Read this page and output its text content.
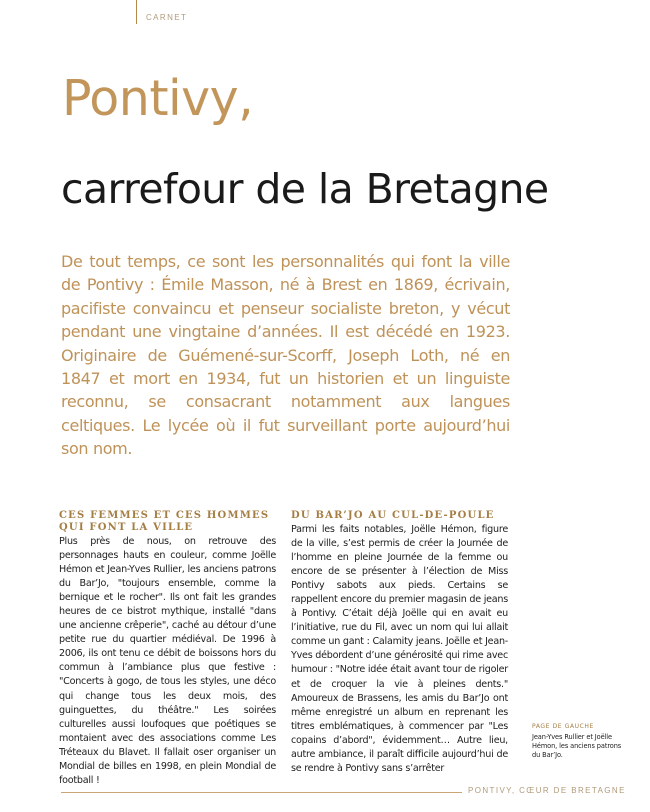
CARNET
Pontivy,
carrefour de la Bretagne

De tout temps, ce sont les personnalités qui font la ville de Pontivy : Émile Masson, né à Brest en 1869, écrivain, pacifiste convaincu et penseur socialiste breton, y vécut pendant une vingtaine d’années. Il est décédé en 1923. Originaire de Guémené-sur-Scorff, Joseph Loth, né en 1847 et mort en 1934, fut un historien et un linguiste reconnu, se consacrant notamment aux langues celtiques. Le lycée où il fut surveillant porte aujourd’hui son nom.

CES FEMMES ET CES HOMMES QUI FONT LA VILLE

Plus près de nous, on retrouve des personnages hauts en couleur, comme Joëlle Hémon et Jean-Yves Rullier, les anciens patrons du Bar’Jo, "toujours ensemble, comme la bernique et le rocher". Ils ont fait les grandes heures de ce bistrot mythique, installé "dans une ancienne crêperie", caché au détour d’une petite rue du quartier médiéval. De 1996 à 2006, ils ont tenu ce débit de boissons hors du commun à l’ambiance plus que festive : "Concerts à gogo, de tous les styles, une déco qui change tous les deux mois, des guinguettes, du théâtre." Les soirées culturelles aussi loufoques que poétiques se montaient avec des associations comme Les Tréteaux du Blavet. Il fallait oser organiser un Mondial de billes en 1998, en plein Mondial de football !

DU BAR’JO AU CUL-DE-POULE

Parmi les faits notables, Joëlle Hémon, figure de la ville, s’est permis de créer la Journée de l’homme en pleine Journée de la femme ou encore de se présenter à l’élection de Miss Pontivy sabots aux pieds. Certains se rappellent encore du premier magasin de jeans à Pontivy. C’était déjà Joëlle qui en avait eu l’initiative, rue du Fil, avec un nom qui lui allait comme un gant : Calamity jeans. Joëlle et Jean-Yves débordent d’une générosité qui rime avec humour : "Notre idée était avant tour de rigoler et de croquer la vie à pleines dents." Amoureux de Brassens, les amis du Bar’Jo ont même enregistré un album en reprenant les titres emblématiques, à commencer par "Les copains d’abord", évidemment… Autre lieu, autre ambiance, il paraît difficile aujourd’hui de se rendre à Pontivy sans s’arrêter

PAGE DE GAUCHE

Jean-Yves Rullier et Joëlle Hémon, les anciens patrons du Bar’Jo.

PONTIVY, CŒUR DE BRETAGNE
